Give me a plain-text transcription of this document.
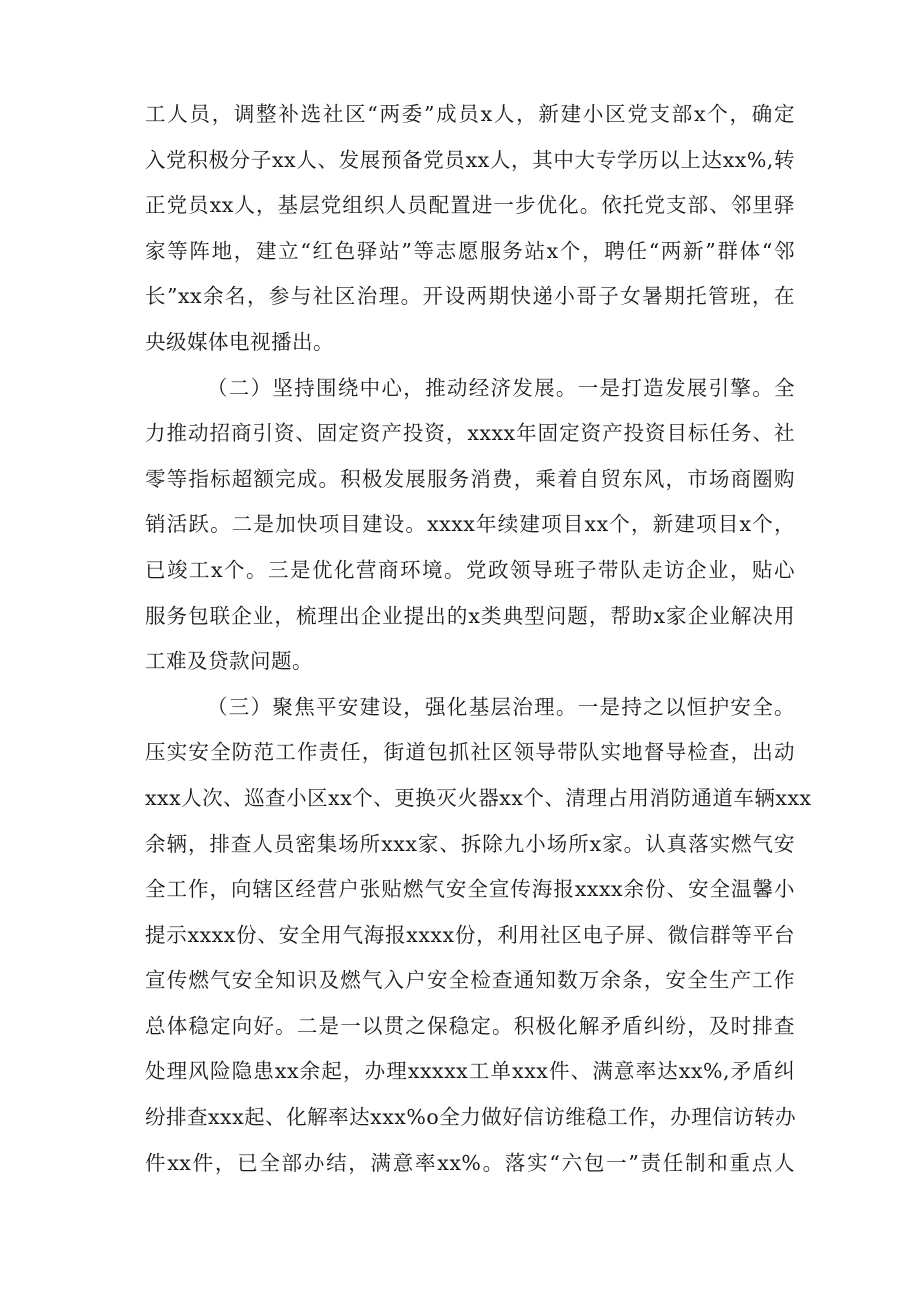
工人员，调整补选社区“两委”成员x人，新建小区党支部x个，确定
入党积极分子xx人、发展预备党员xx人，其中大专学历以上达xx%,转
正党员xx人，基层党组织人员配置进一步优化。依托党支部、邻里驿
家等阵地，建立“红色驿站”等志愿服务站x个，聘任“两新”群体“邻
长”xx余名，参与社区治理。开设两期快递小哥子女暑期托管班，在
央级媒体电视播出。
（二）坚持围绕中心，推动经济发展。一是打造发展引擎。全
力推动招商引资、固定资产投资，xxxx年固定资产投资目标任务、社
零等指标超额完成。积极发展服务消费，乘着自贸东风，市场商圈购
销活跃。二是加快项目建设。xxxx年续建项目xx个，新建项目x个，
已竣工x个。三是优化营商环境。党政领导班子带队走访企业，贴心
服务包联企业，梳理出企业提出的x类典型问题，帮助x家企业解决用
工难及贷款问题。
（三）聚焦平安建设，强化基层治理。一是持之以恒护安全。
压实安全防范工作责任，街道包抓社区领导带队实地督导检查，出动
xxx人次、巡查小区xx个、更换灭火器xx个、清理占用消防通道车辆xxx
余辆，排查人员密集场所xxx家、拆除九小场所x家。认真落实燃气安
全工作，向辖区经营户张贴燃气安全宣传海报xxxx余份、安全温馨小
提示xxxx份、安全用气海报xxxx份，利用社区电子屏、微信群等平台
宣传燃气安全知识及燃气入户安全检查通知数万余条，安全生产工作
总体稳定向好。二是一以贯之保稳定。积极化解矛盾纠纷，及时排查
处理风险隐患xx余起，办理xxxxx工单xxx件、满意率达xx%,矛盾纠
纷排查xxx起、化解率达xxx%o全力做好信访维稳工作，办理信访转办
件xx件，已全部办结，满意率xx%。落实“六包一”责任制和重点人
